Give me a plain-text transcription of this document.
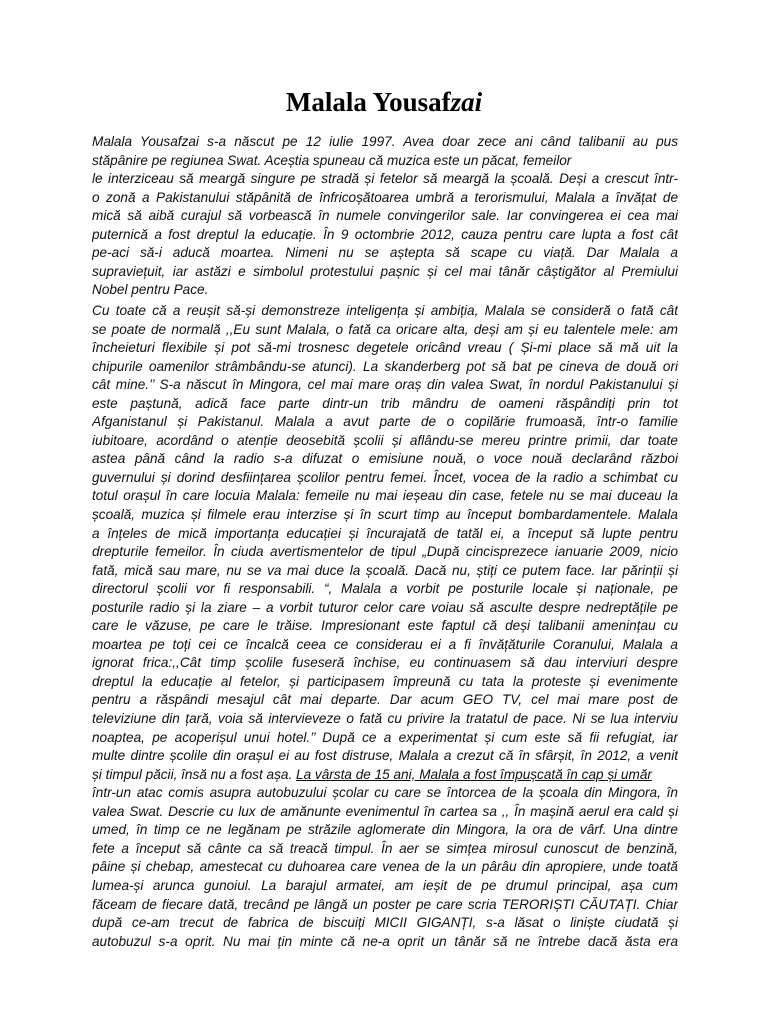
Malala Yousafzai
Malala Yousafzai s-a născut pe 12 iulie 1997. Avea doar zece ani când talibanii au pus
stăpânire pe regiunea Swat. Aceștia spuneau că muzica este un păcat, femeilor
le interziceau să meargă singure pe stradă și fetelor să meargă la școală. Deși a crescut într-
o zonă a Pakistanului stăpânită de înfricoșătoarea umbră a terorismului, Malala a învățat de
mică să aibă curajul să vorbească în numele convingerilor sale. Iar convingerea ei cea mai
puternică a fost dreptul la educație. În 9 octombrie 2012, cauza pentru care lupta a fost cât
pe-aci să-i aducă moartea. Nimeni nu se aștepta să scape cu viață. Dar Malala a
supraviețuit, iar astăzi e simbolul protestului pașnic și cel mai tânăr câștigător al Premiului
Nobel pentru Pace.
Cu toate că a reușit să-și demonstreze inteligența și ambiția, Malala se consideră o fată cât
se poate de normală ,,Eu sunt Malala, o fată ca oricare alta, deși am și eu talentele mele: am
încheieturi flexibile și pot să-mi trosnesc degetele oricând vreau ( Și-mi place să mă uit la
chipurile oamenilor strâmbându-se atunci). La skanderberg pot să bat pe cineva de două ori
cât mine.’’ S-a născut în Mingora, cel mai mare oraș din valea Swat, în nordul Pakistanului și
este paștună, adică face parte dintr-un trib mândru de oameni răspândiți prin tot
Afganistanul și Pakistanul. Malala a avut parte de o copilărie frumoasă, într-o familie
iubitoare, acordând o atenție deosebită școlii și aflându-se mereu printre primii, dar toate
astea până când la radio s-a difuzat o emisiune nouă, o voce nouă declarând război
guvernului și dorind desființarea școlilor pentru femei. Încet, vocea de la radio a schimbat cu
totul orașul în care locuia Malala: femeile nu mai ieșeau din case, fetele nu se mai duceau la
școală, muzica și filmele erau interzise și în scurt timp au început bombardamentele. Malala
a înțeles de mică importanța educației și încurajată de tatăl ei, a început să lupte pentru
drepturile femeilor. În ciuda avertismentelor de tipul „După cincisprezece ianuarie 2009, nicio
fată, mică sau mare, nu se va mai duce la școală. Dacă nu, știți ce putem face. Iar părinții și
directorul școlii vor fi responsabili. “, Malala a vorbit pe posturile locale și naționale, pe
posturile radio și la ziare – a vorbit tuturor celor care voiau să asculte despre nedreptățile pe
care le văzuse, pe care le trăise. Impresionant este faptul că deși talibanii amenințau cu
moartea pe toți cei ce încalcă ceea ce considerau ei a fi învățăturile Coranului, Malala a
ignorat frica:,,Cât timp școlile fuseseră închise, eu continuasem să dau interviuri despre
dreptul la educație al fetelor, și participasem împreună cu tata la proteste și evenimente
pentru a răspândi mesajul cât mai departe. Dar acum GEO TV, cel mai mare post de
televiziune din țară, voia să intervieveze o fată cu privire la tratatul de pace. Ni se lua interviu
noaptea, pe acoperișul unui hotel.’’ După ce a experimentat și cum este să fii refugiat, iar
multe dintre școlile din orașul ei au fost distruse, Malala a crezut că în sfârșit, în 2012, a venit
și timpul păcii, însă nu a fost așa. La vârsta de 15 ani, Malala a fost împușcată în cap și umăr
într-un atac comis asupra autobuzului școlar cu care se întorcea de la școala din Mingora, în
valea Swat. Descrie cu lux de amănunte evenimentul în cartea sa ,, În mașină aerul era cald și
umed, în timp ce ne legănam pe străzile aglomerate din Mingora, la ora de vârf. Una dintre
fete a început să cânte ca să treacă timpul. În aer se simțea mirosul cunoscut de benzină,
pâine și chebap, amestecat cu duhoarea care venea de la un pârâu din apropiere, unde toată
lumea-și arunca gunoiul. La barajul armatei, am ieșit de pe drumul principal, așa cum
făceam de fiecare dată, trecând pe lângă un poster pe care scria TERORIȘTI CĂUTAȚI. Chiar
după ce-am trecut de fabrica de biscuiți MICII GIGANȚI, s-a lăsat o liniște ciudată și
autobuzul s-a oprit. Nu mai țin minte că ne-a oprit un tânăr să ne întrebe dacă ăsta era
